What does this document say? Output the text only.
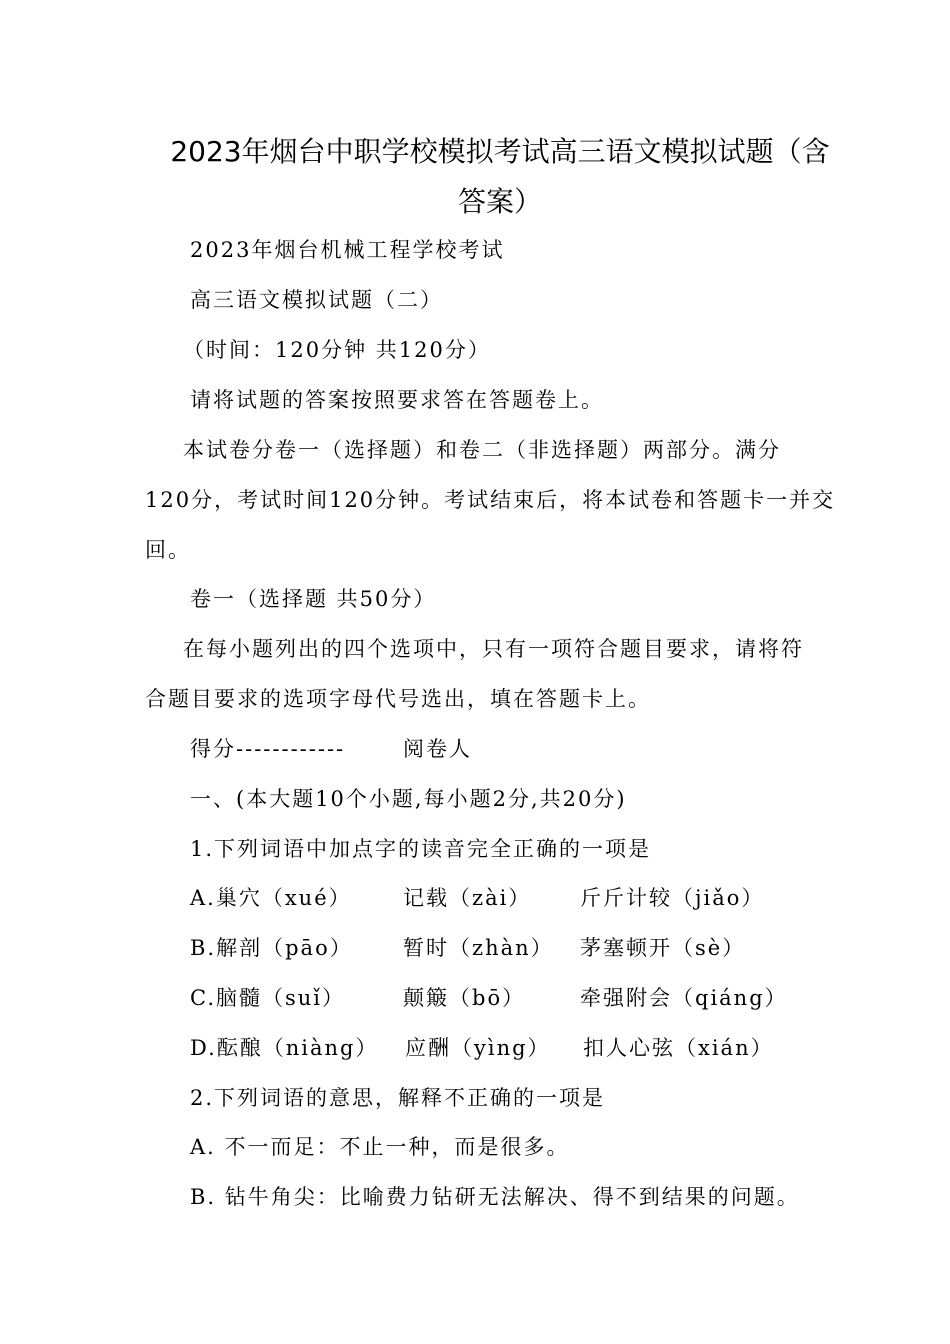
2023年烟台中职学校模拟考试高三语文模拟试题（含
答案）
2023年烟台机械工程学校考试
高三语文模拟试题（二）
（时间：120分钟 共120分）
请将试题的答案按照要求答在答题卷上。
本试卷分卷一（选择题）和卷二（非选择题）两部分。满分
120分，考试时间120分钟。考试结束后，将本试卷和答题卡一并交
回。
卷一（选择题 共50分）
在每小题列出的四个选项中，只有一项符合题目要求，请将符
合题目要求的选项字母代号选出，填在答题卡上。
得分------------	阅卷人
一、(本大题10个小题,每小题2分,共20分)
1.下列词语中加点字的读音完全正确的一项是
A.巢穴（xué） 记载（zài） 斤斤计较（jiǎo）
B.解剖（pāo） 暂时（zhàn） 茅塞顿开（sè）
C.脑髓（suǐ）	颠簸（bō）	牵强附会（qiáng）
D.酝酿（niàng） 应酬（yìng） 扣人心弦（xián）
2.下列词语的意思，解释不正确的一项是
A. 不一而足：不止一种，而是很多。
B. 钻牛角尖：比喻费力钻研无法解决、得不到结果的问题。
